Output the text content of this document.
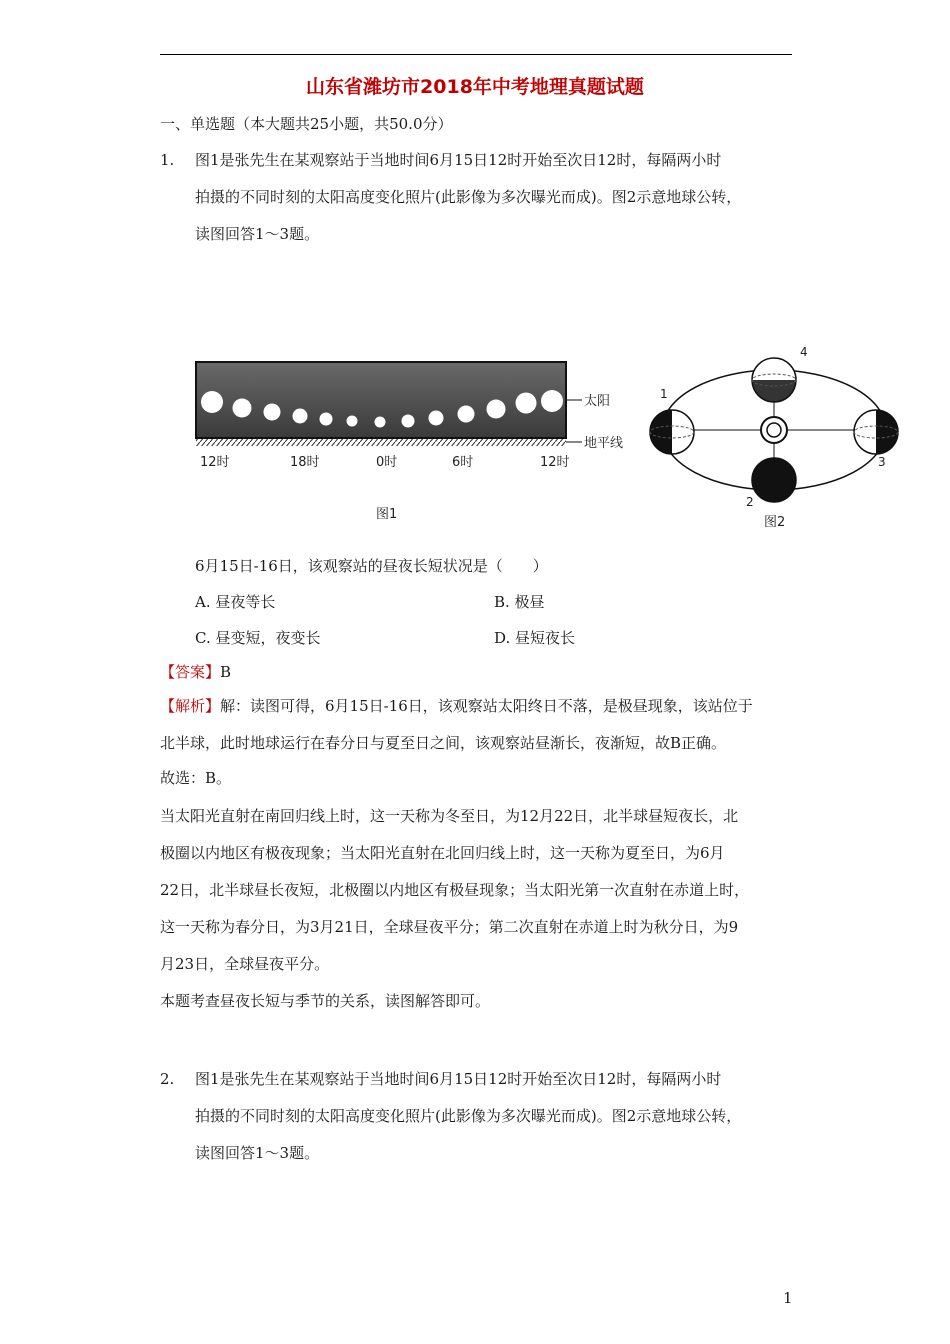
山东省潍坊市2018年中考地理真题试题
一、单选题（本大题共25小题，共50.0分）
1. 图1是张先生在某观察站于当地时间6月15日12时开始至次日12时，每隔两小时
拍摄的不同时刻的太阳高度变化照片(此影像为多次曝光而成)。图2示意地球公转，
读图回答1～3题。
太阳
地平线
12时	18时	0时	6时	12时
图1
1
4
3
2
图2
6月15日-16日，该观察站的昼夜长短状况是（　　）
A. 昼夜等长	B. 极昼
C. 昼变短，夜变长	D. 昼短夜长
【答案】B
【解析】解：读图可得，6月15日-16日，该观察站太阳终日不落，是极昼现象，该站位于
北半球，此时地球运行在春分日与夏至日之间，该观察站昼渐长，夜渐短，故B正确。
故选：B。
当太阳光直射在南回归线上时，这一天称为冬至日，为12月22日，北半球昼短夜长，北
极圈以内地区有极夜现象；当太阳光直射在北回归线上时，这一天称为夏至日，为6月
22日，北半球昼长夜短，北极圈以内地区有极昼现象；当太阳光第一次直射在赤道上时，
这一天称为春分日，为3月21日，全球昼夜平分；第二次直射在赤道上时为秋分日，为9
月23日，全球昼夜平分。
本题考查昼夜长短与季节的关系，读图解答即可。
2. 图1是张先生在某观察站于当地时间6月15日12时开始至次日12时，每隔两小时
拍摄的不同时刻的太阳高度变化照片(此影像为多次曝光而成)。图2示意地球公转，
读图回答1～3题。
1
